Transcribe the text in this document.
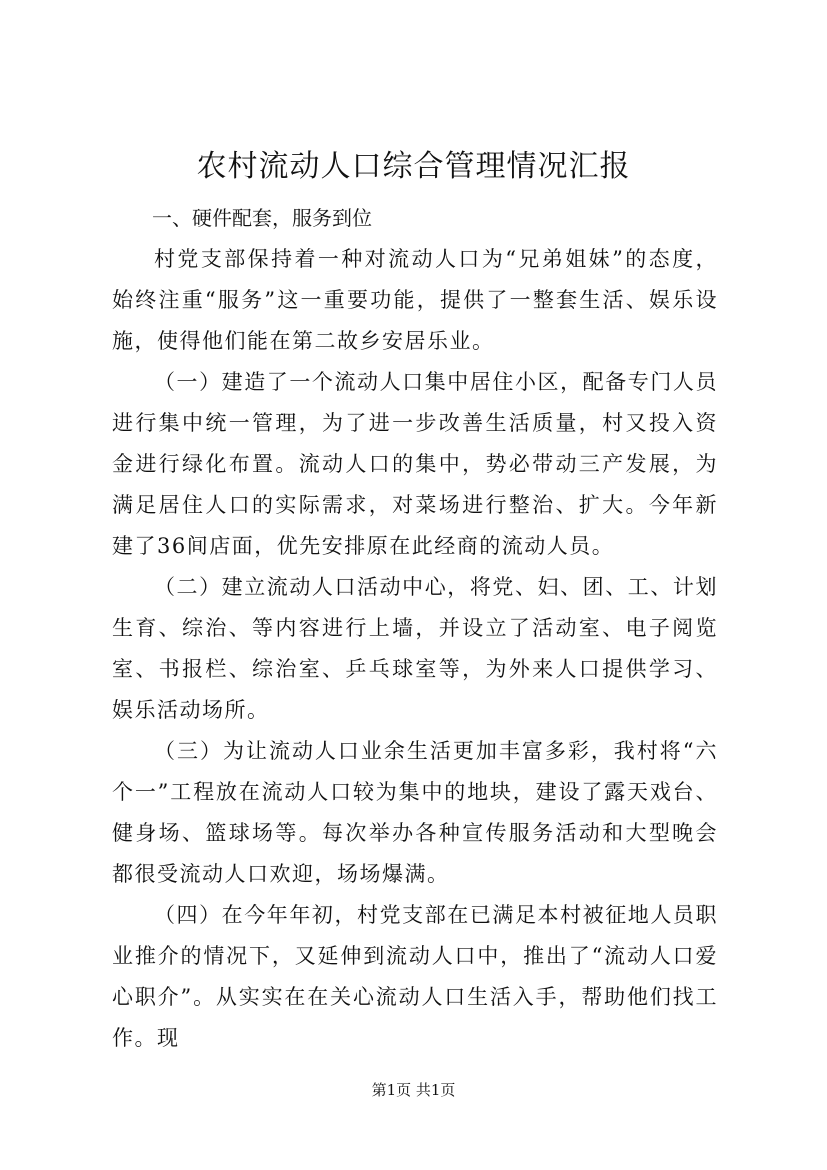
农村流动人口综合管理情况汇报

一、硬件配套，服务到位

村党支部保持着一种对流动人口为“兄弟姐妹”的态度，始终注重“服务”这一重要功能，提供了一整套生活、娱乐设施，使得他们能在第二故乡安居乐业。

（一）建造了一个流动人口集中居住小区，配备专门人员进行集中统一管理，为了进一步改善生活质量，村又投入资金进行绿化布置。流动人口的集中，势必带动三产发展，为满足居住人口的实际需求，对菜场进行整治、扩大。今年新建了36间店面，优先安排原在此经商的流动人员。

（二）建立流动人口活动中心，将党、妇、团、工、计划生育、综治、等内容进行上墙，并设立了活动室、电子阅览室、书报栏、综治室、乒乓球室等，为外来人口提供学习、娱乐活动场所。

（三）为让流动人口业余生活更加丰富多彩，我村将“六个一”工程放在流动人口较为集中的地块，建设了露天戏台、健身场、篮球场等。每次举办各种宣传服务活动和大型晚会都很受流动人口欢迎，场场爆满。

（四）在今年年初，村党支部在已满足本村被征地人员职业推介的情况下，又延伸到流动人口中，推出了“流动人口爱心职介”。从实实在在关心流动人口生活入手，帮助他们找工作。现

第1页 共1页
